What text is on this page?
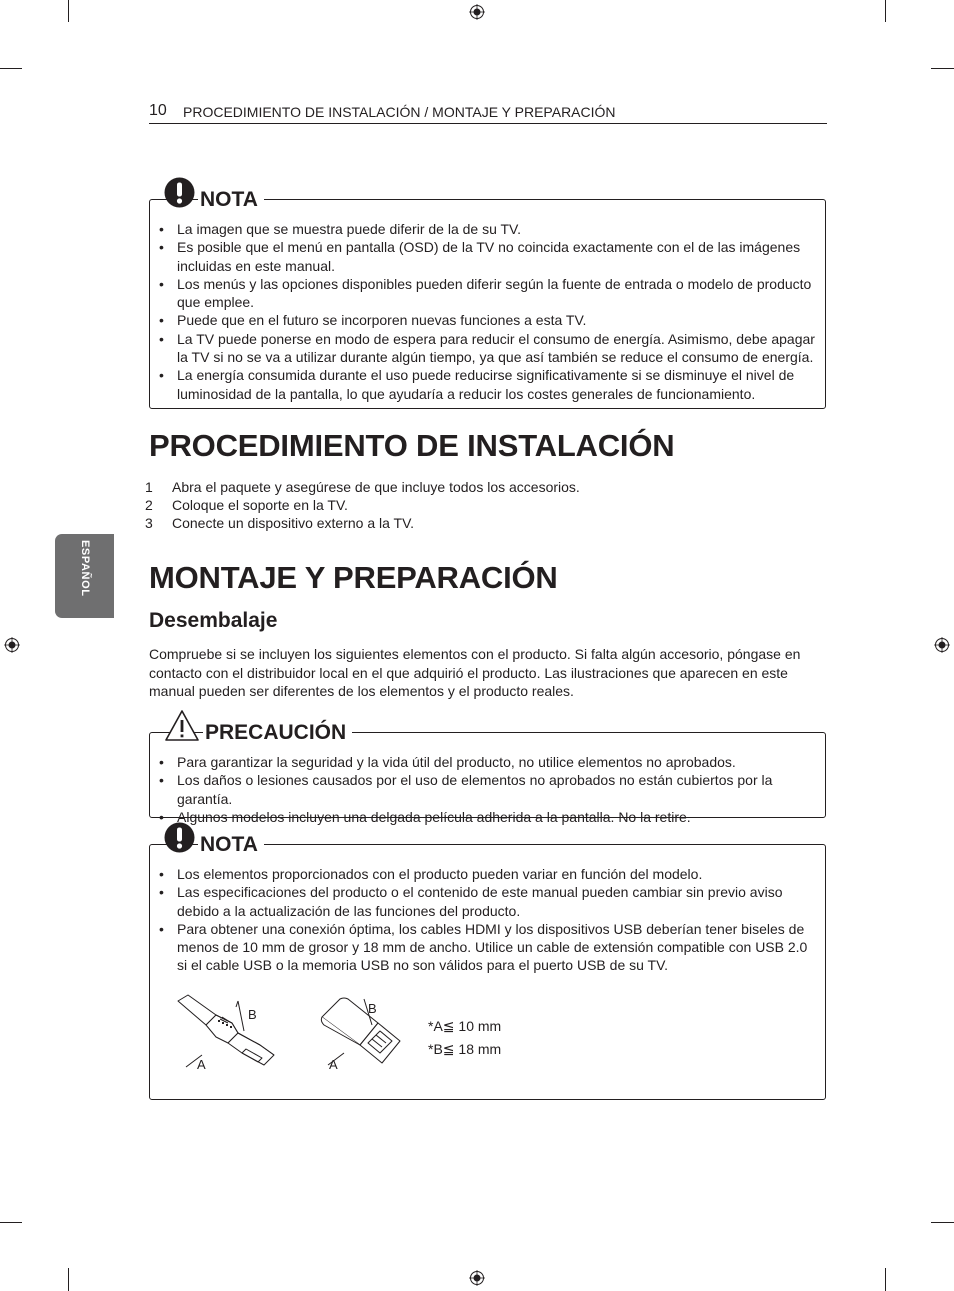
10 PROCEDIMIENTO DE INSTALACIÓN / MONTAJE Y PREPARACIÓN
ESPAÑOL
NOTA
• La imagen que se muestra puede diferir de la de su TV.
• Es posible que el menú en pantalla (OSD) de la TV no coincida exactamente con el de las imágenes incluidas en este manual.
• Los menús y las opciones disponibles pueden diferir según la fuente de entrada o modelo de producto que emplee.
• Puede que en el futuro se incorporen nuevas funciones a esta TV.
• La TV puede ponerse en modo de espera para reducir el consumo de energía. Asimismo, debe apagar la TV si no se va a utilizar durante algún tiempo, ya que así también se reduce el consumo de energía.
• La energía consumida durante el uso puede reducirse significativamente si se disminuye el nivel de luminosidad de la pantalla, lo que ayudaría a reducir los costes generales de funcionamiento.
PROCEDIMIENTO DE INSTALACIÓN
1 Abra el paquete y asegúrese de que incluye todos los accesorios.
2 Coloque el soporte en la TV.
3 Conecte un dispositivo externo a la TV.
MONTAJE Y PREPARACIÓN
Desembalaje
Compruebe si se incluyen los siguientes elementos con el producto. Si falta algún accesorio, póngase en contacto con el distribuidor local en el que adquirió el producto. Las ilustraciones que aparecen en este manual pueden ser diferentes de los elementos y el producto reales.
PRECAUCIÓN
• Para garantizar la seguridad y la vida útil del producto, no utilice elementos no aprobados.
• Los daños o lesiones causados por el uso de elementos no aprobados no están cubiertos por la garantía.
• Algunos modelos incluyen una delgada película adherida a la pantalla. No la retire.
NOTA
• Los elementos proporcionados con el producto pueden variar en función del modelo.
• Las especificaciones del producto o el contenido de este manual pueden cambiar sin previo aviso debido a la actualización de las funciones del producto.
• Para obtener una conexión óptima, los cables HDMI y los dispositivos USB deberían tener biseles de menos de 10 mm de grosor y 18 mm de ancho. Utilice un cable de extensión compatible con USB 2.0 si el cable USB o la memoria USB no son válidos para el puerto USB de su TV.
B
A
B
A
*A≦ 10 mm
*B≦ 18 mm
